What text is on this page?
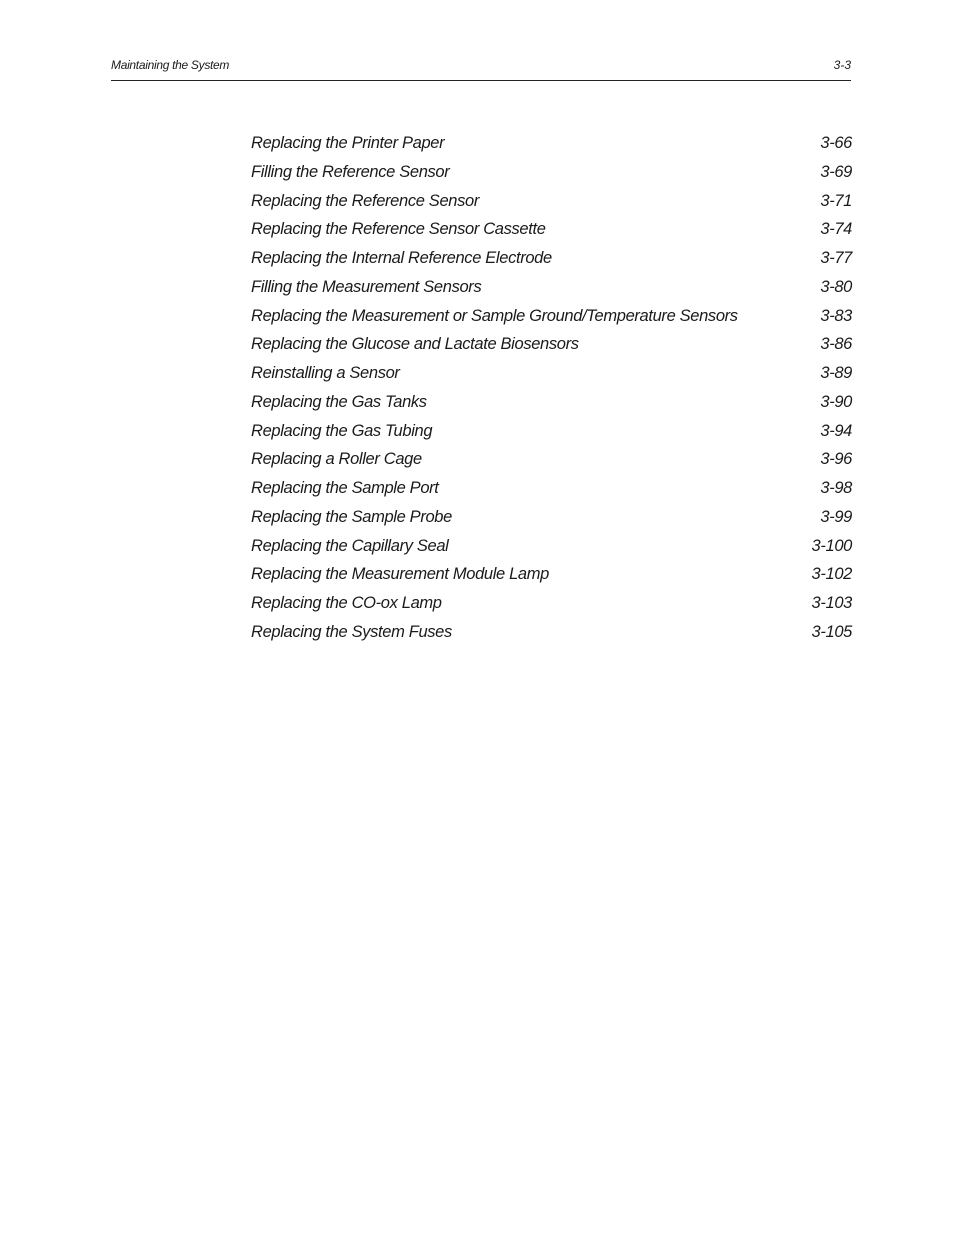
Maintaining the System	3-3
Replacing the Printer Paper	3-66
Filling the Reference Sensor	3-69
Replacing the Reference Sensor	3-71
Replacing the Reference Sensor Cassette	3-74
Replacing the Internal Reference Electrode	3-77
Filling the Measurement Sensors	3-80
Replacing the Measurement or Sample Ground/Temperature Sensors	3-83
Replacing the Glucose and Lactate Biosensors	3-86
Reinstalling a Sensor	3-89
Replacing the Gas Tanks	3-90
Replacing the Gas Tubing	3-94
Replacing a Roller Cage	3-96
Replacing the Sample Port	3-98
Replacing the Sample Probe	3-99
Replacing the Capillary Seal	3-100
Replacing the Measurement Module Lamp	3-102
Replacing the CO-ox Lamp	3-103
Replacing the System Fuses	3-105
